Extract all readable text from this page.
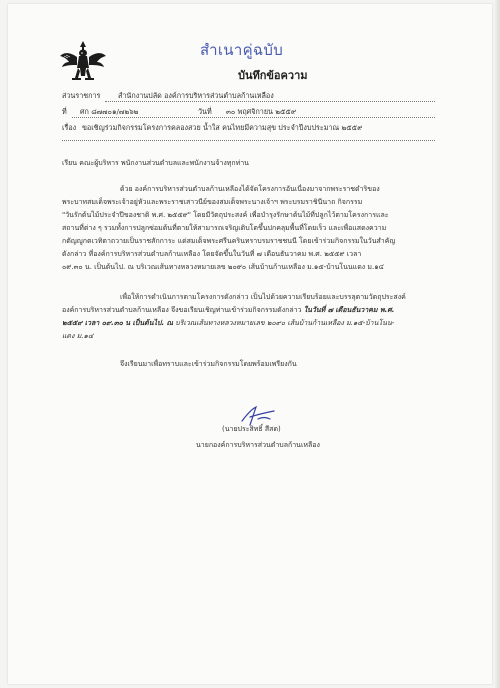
สำเนาคู่ฉบับ
บันทึกข้อความ
ส่วนราชการ สำนักงานปลัด องค์การบริหารส่วนตำบลก้านเหลือง
ที่ ศก ๘๗๗๐๑/๗๒๖๒	วันที่ ๓๐ พฤศจิกายน ๒๕๕๙
เรื่อง ขอเชิญร่วมกิจกรรมโครงการคลองสวย น้ำใส คนไทยมีความสุข ประจำปีงบประมาณ ๒๕๕๙
เรียน คณะผู้บริหาร พนักงานส่วนตำบลและพนักงานจ้างทุกท่าน
ด้วย องค์การบริหารส่วนตำบลก้านเหลืองได้จัดโครงการอันเนื่องมาจากพระราชดำริของ
พระบาทสมเด็จพระเจ้าอยู่หัวและพระราชเสาวนีย์ของสมเด็จพระนางเจ้าฯ พระบรมราชินีนาถ กิจกรรม
"วันรักต้นไม้ประจำปีของชาติ พ.ศ. ๒๕๕๙" โดยมีวัตถุประสงค์ เพื่อบำรุงรักษาต้นไม้ที่ปลูกไว้ตามโครงการและ
สถานที่ต่าง ๆ รวมทั้งการปลูกซ่อมต้นที่ตายให้สามารถเจริญเติบโตขึ้นปกคลุมพื้นที่โดยเร็ว และเพื่อแสดงความ
กตัญญูกตเวทิตาถวายเป็นราชสักการะ แด่สมเด็จพระศรีนครินทราบรมราชชนนี โดยเข้าร่วมกิจกรรมในวันสำคัญ
ดังกล่าว ที่องค์การบริหารส่วนตำบลก้านเหลือง โดยจัดขึ้นในวันที่ ๗ เดือนธันวาคม พ.ศ. ๒๕๕๙ เวลา
๐๙.๓๐ น. เป็นต้นไป. ณ บริเวณเส้นทางหลวงหมายเลข ๒๐๙๐ เส้นบ้านก้านเหลือง ม.๑๕-บ้านโนนแดง ม.๑๔
เพื่อให้การดำเนินการตามโครงการดังกล่าว เป็นไปด้วยความเรียบร้อยและบรรลุตามวัตถุประสงค์
องค์การบริหารส่วนตำบลก้านเหลือง จึงขอเรียนเชิญท่านเข้าร่วมกิจกรรมดังกล่าว ในวันที่ ๗ เดือนธันวาคม พ.ศ.
๒๕๕๙ เวลา ๐๙.๓๐ น เป็นต้นไป. ณ บริเวณเส้นทางหลวงหมายเลข ๒๐๙๐ เส้นบ้านก้านเหลือง ม.๑๕-บ้านโนน-
แดง ม.๑๔
จึงเรียนมาเพื่อทราบและเข้าร่วมกิจกรรมโดยพร้อมเพรียงกัน
(นายประสิทธิ์ สีสด)
นายกองค์การบริหารส่วนตำบลก้านเหลือง
